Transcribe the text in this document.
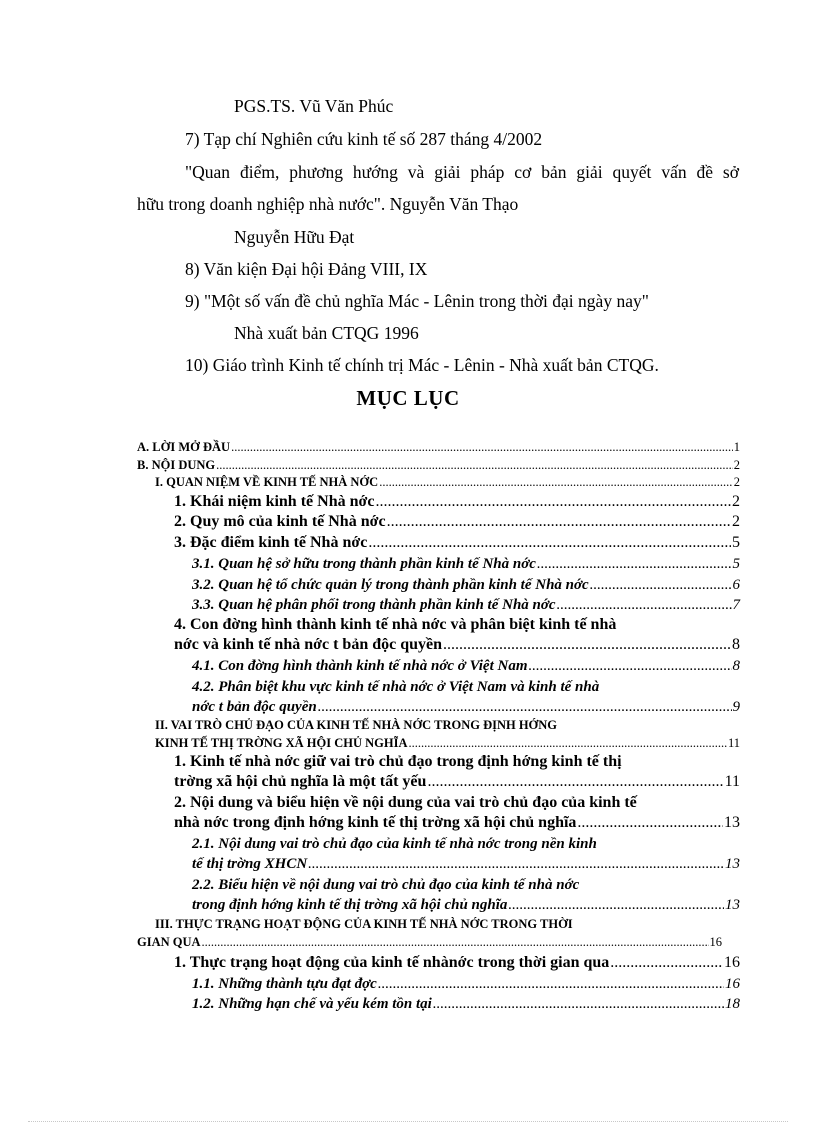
PGS.TS. Vũ Văn Phúc
7) Tạp chí Nghiên cứu kinh tế số 287 tháng 4/2002
"Quan điểm, phương hướng và giải pháp cơ bản giải quyết vấn đề sở
hữu trong doanh nghiệp nhà nước". Nguyễn Văn Thạo
Nguyễn Hữu Đạt
8) Văn kiện Đại hội Đảng VIII, IX
9) "Một số vấn đề chủ nghĩa Mác - Lênin trong thời đại ngày nay"
Nhà xuất bản CTQG 1996
10) Giáo trình Kinh tế chính trị Mác - Lênin - Nhà xuất bản CTQG.
MỤC LỤC
A. LỜI MỞ ĐẦU .....	1
B. NỘI DUNG .....	2
I. QUAN NIỆM VỀ KINH TẾ NHÀ NỚC .....	2
1. Khái niệm kinh tế Nhà nớc .....	2
2. Quy mô của kinh tế Nhà nớc .....	2
3. Đặc điểm kinh tế Nhà nớc .....	5
3.1. Quan hệ sở hữu trong thành phần kinh tế Nhà nớc .....	5
3.2. Quan hệ tổ chức quản lý trong thành phần kinh tế Nhà nớc .....	6
3.3. Quan hệ phân phối trong thành phần kinh tế Nhà nớc .....	7
4. Con đờng hình thành kinh tế nhà nớc và phân biệt kinh tế nhà
nớc và kinh tế nhà nớc t bản độc quyền .....	8
4.1. Con đờng hình thành kinh tế nhà nớc ở Việt Nam .....	8
4.2. Phân biệt khu vực kinh tế nhà nớc ở Việt Nam và kinh tế nhà
nớc t bản độc quyền .....	9
II. VAI TRÒ CHỦ ĐẠO CỦA KINH TẾ NHÀ NỚC TRONG ĐỊNH HỚNG
KINH TẾ THỊ TRỜNG XÃ HỘI CHỦ NGHĨA .....	11
1. Kinh tế nhà nớc giữ vai trò chủ đạo trong định hớng kinh tế thị
trờng xã hội chủ nghĩa là một tất yếu .....	11
2. Nội dung và biểu hiện về nội dung của vai trò chủ đạo của kinh tế
nhà nớc trong định hớng kinh tế thị trờng xã hội chủ nghĩa .....	13
2.1. Nội dung vai trò chủ đạo của kinh tế nhà nớc trong nền kinh
tế thị trờng XHCN .....	13
2.2. Biểu hiện về nội dung vai trò chủ đạo của kinh tế nhà nớc
trong định hớng kinh tế thị trờng xã hội chủ nghĩa .....	13
III. THỰC TRẠNG HOẠT ĐỘNG CỦA KINH TẾ NHÀ NỚC TRONG THỜI
GIAN QUA .....	16
1. Thực trạng hoạt động của kinh tế nhànớc trong thời gian qua .....	16
1.1. Những thành tựu đạt đợc .....	16
1.2. Những hạn chế và yếu kém tồn tại .....	18
